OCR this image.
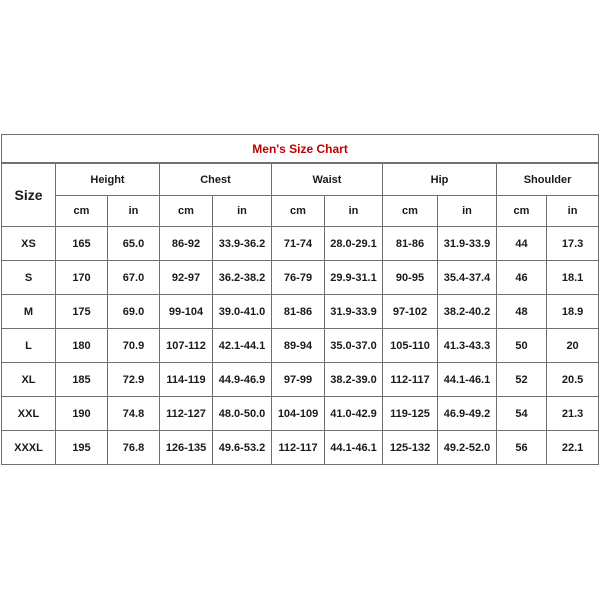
Men's Size Chart										
Size	Height		Chest		Waist		Hip		Shoulder	
	cm	in	cm	in	cm	in	cm	in	cm	in
XS	165	65.0	86-92	33.9-36.2	71-74	28.0-29.1	81-86	31.9-33.9	44	17.3
S	170	67.0	92-97	36.2-38.2	76-79	29.9-31.1	90-95	35.4-37.4	46	18.1
M	175	69.0	99-104	39.0-41.0	81-86	31.9-33.9	97-102	38.2-40.2	48	18.9
L	180	70.9	107-112	42.1-44.1	89-94	35.0-37.0	105-110	41.3-43.3	50	20
XL	185	72.9	114-119	44.9-46.9	97-99	38.2-39.0	112-117	44.1-46.1	52	20.5
XXL	190	74.8	112-127	48.0-50.0	104-109	41.0-42.9	119-125	46.9-49.2	54	21.3
XXXL	195	76.8	126-135	49.6-53.2	112-117	44.1-46.1	125-132	49.2-52.0	56	22.1
